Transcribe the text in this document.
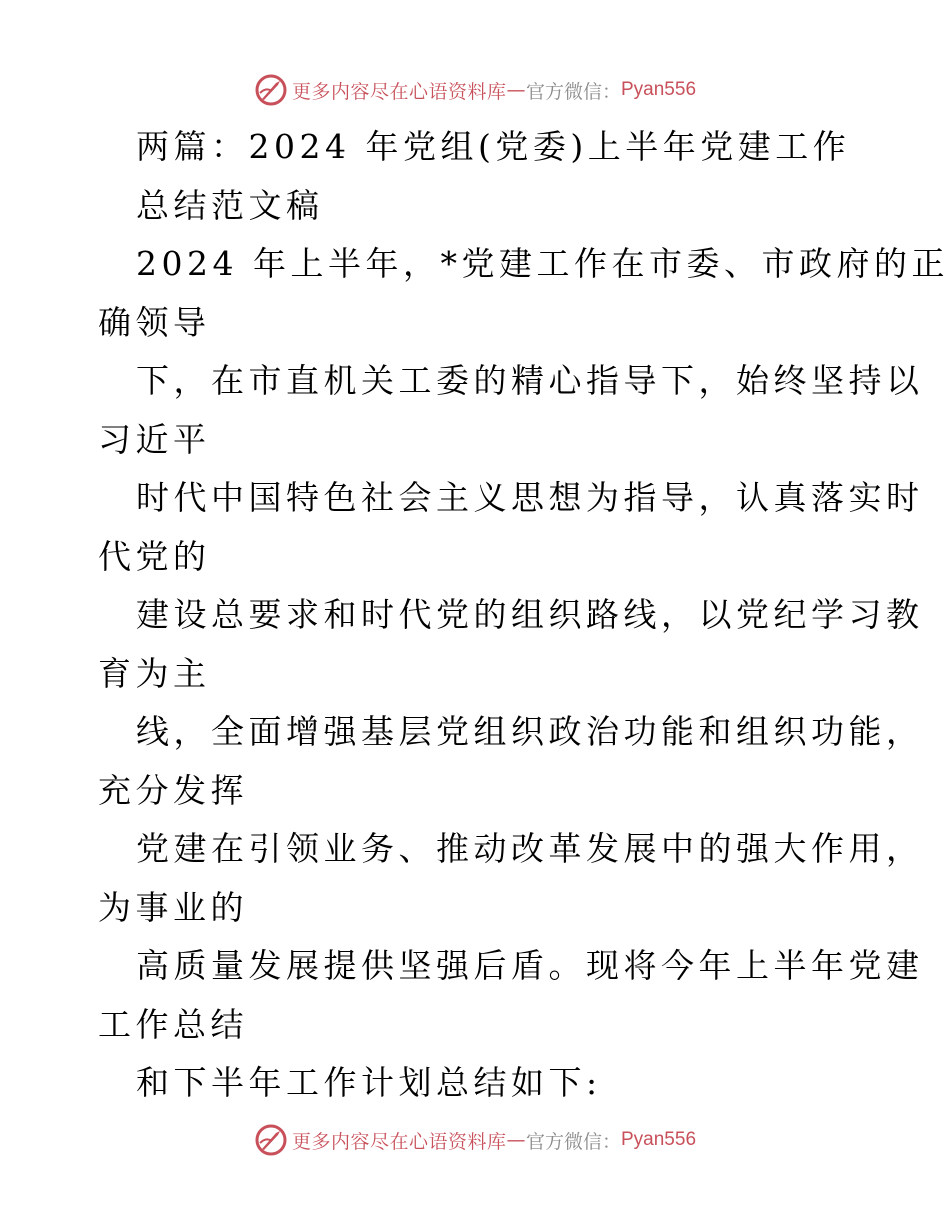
更多内容尽在心语资料库 — 官方微信： Pyan556
两篇：2024 年党组(党委)上半年党建工作
总结范文稿
2024 年上半年，*党建工作在市委、市政府的正
确领导
下，在市直机关工委的精心指导下，始终坚持以
习近平
时代中国特色社会主义思想为指导，认真落实时
代党的
建设总要求和时代党的组织路线，以党纪学习教
育为主
线，全面增强基层党组织政治功能和组织功能，
充分发挥
党建在引领业务、推动改革发展中的强大作用，
为事业的
高质量发展提供坚强后盾。现将今年上半年党建
工作总结
和下半年工作计划总结如下:
更多内容尽在心语资料库 — 官方微信： Pyan556
